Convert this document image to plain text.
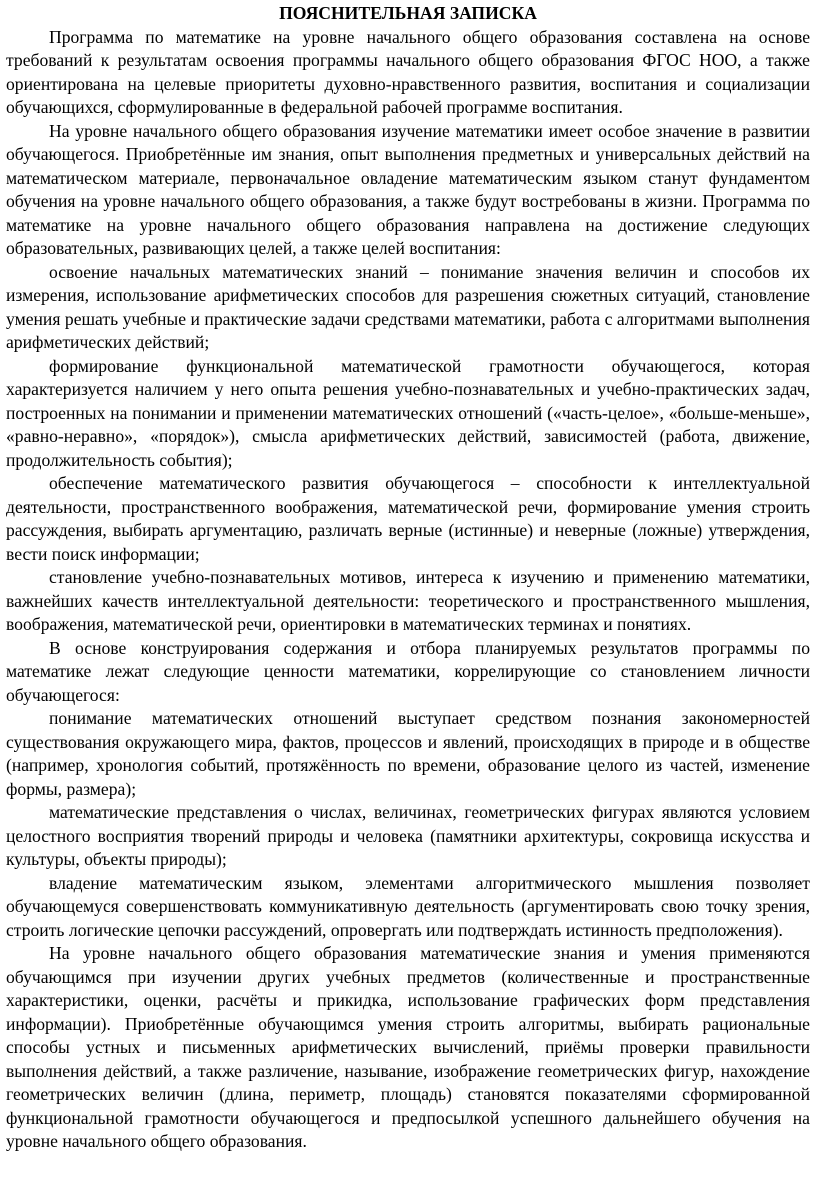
ПОЯСНИТЕЛЬНАЯ ЗАПИСКА

Программа по математике на уровне начального общего образования составлена на основе требований к результатам освоения программы начального общего образования ФГОС НОО, а также ориентирована на целевые приоритеты духовно-нравственного развития, воспитания и социализации обучающихся, сформулированные в федеральной рабочей программе воспитания.

На уровне начального общего образования изучение математики имеет особое значение в развитии обучающегося. Приобретённые им знания, опыт выполнения предметных и универсальных действий на математическом материале, первоначальное овладение математическим языком станут фундаментом обучения на уровне начального общего образования, а также будут востребованы в жизни. Программа по математике на уровне начального общего образования направлена на достижение следующих образовательных, развивающих целей, а также целей воспитания:

освоение начальных математических знаний – понимание значения величин и способов их измерения, использование арифметических способов для разрешения сюжетных ситуаций, становление умения решать учебные и практические задачи средствами математики, работа с алгоритмами выполнения арифметических действий;

формирование функциональной математической грамотности обучающегося, которая характеризуется наличием у него опыта решения учебно-познавательных и учебно-практических задач, построенных на понимании и применении математических отношений («часть-целое», «больше-меньше», «равно-неравно», «порядок»), смысла арифметических действий, зависимостей (работа, движение, продолжительность события);

обеспечение математического развития обучающегося – способности к интеллектуальной деятельности, пространственного воображения, математической речи, формирование умения строить рассуждения, выбирать аргументацию, различать верные (истинные) и неверные (ложные) утверждения, вести поиск информации;

становление учебно-познавательных мотивов, интереса к изучению и применению математики, важнейших качеств интеллектуальной деятельности: теоретического и пространственного мышления, воображения, математической речи, ориентировки в математических терминах и понятиях.

В основе конструирования содержания и отбора планируемых результатов программы по математике лежат следующие ценности математики, коррелирующие со становлением личности обучающегося:

понимание математических отношений выступает средством познания закономерностей существования окружающего мира, фактов, процессов и явлений, происходящих в природе и в обществе (например, хронология событий, протяжённость по времени, образование целого из частей, изменение формы, размера);

математические представления о числах, величинах, геометрических фигурах являются условием целостного восприятия творений природы и человека (памятники архитектуры, сокровища искусства и культуры, объекты природы);

владение математическим языком, элементами алгоритмического мышления позволяет обучающемуся совершенствовать коммуникативную деятельность (аргументировать свою точку зрения, строить логические цепочки рассуждений, опровергать или подтверждать истинность предположения).

На уровне начального общего образования математические знания и умения применяются обучающимся при изучении других учебных предметов (количественные и пространственные характеристики, оценки, расчёты и прикидка, использование графических форм представления информации). Приобретённые обучающимся умения строить алгоритмы, выбирать рациональные способы устных и письменных арифметических вычислений, приёмы проверки правильности выполнения действий, а также различение, называние, изображение геометрических фигур, нахождение геометрических величин (длина, периметр, площадь) становятся показателями сформированной функциональной грамотности обучающегося и предпосылкой успешного дальнейшего обучения на уровне начального общего образования.
